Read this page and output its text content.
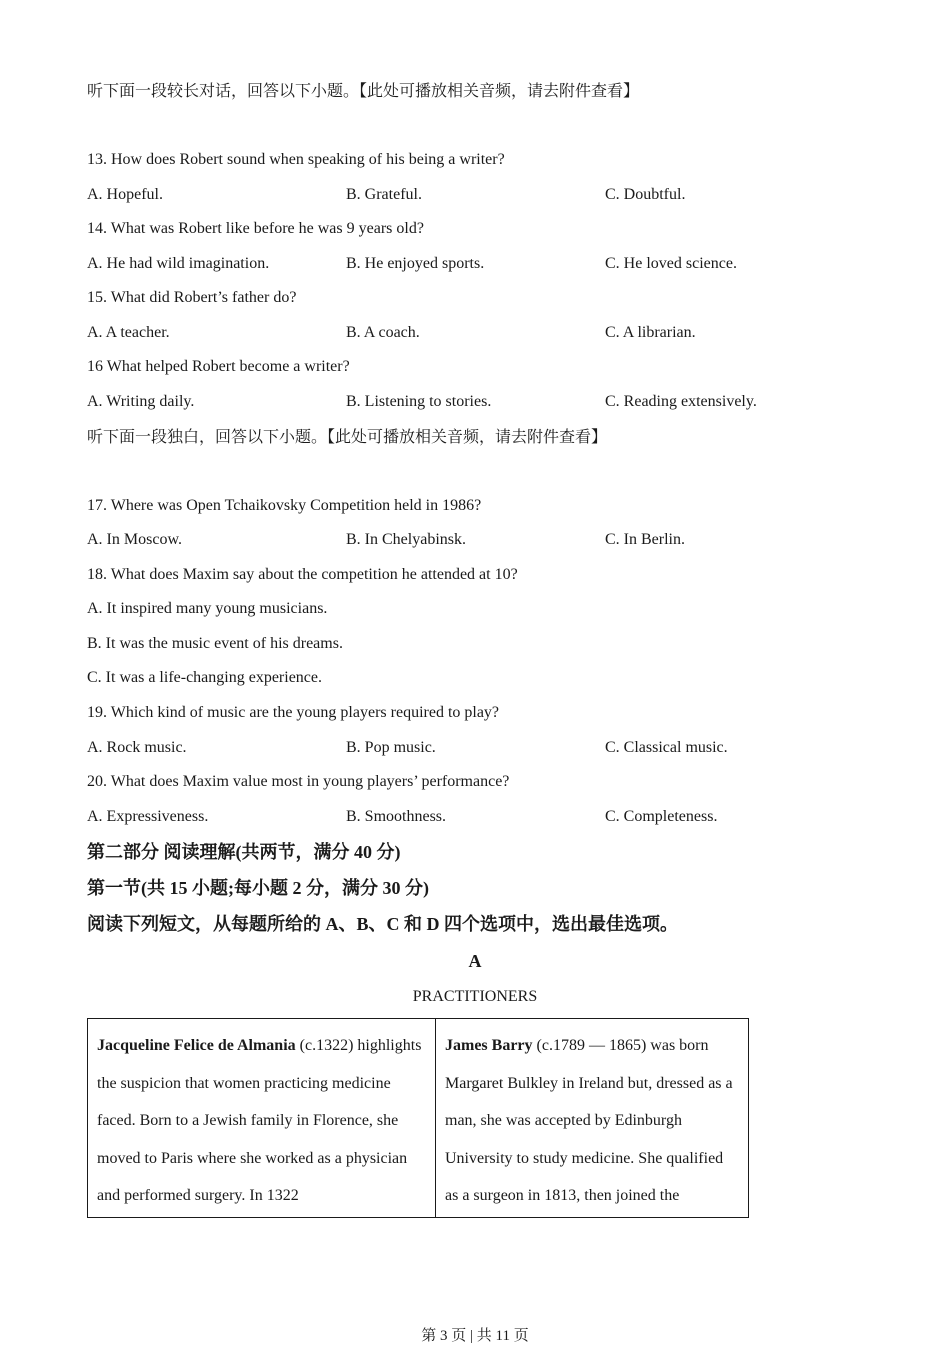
听下面一段较长对话，回答以下小题。【此处可播放相关音频，请去附件查看】
13. How does Robert sound when speaking of his being a writer?
A. Hopeful.	B. Grateful.	C. Doubtful.
14. What was Robert like before he was 9 years old?
A. He had wild imagination.	B. He enjoyed sports.	C. He loved science.
15. What did Robert’s father do?
A. A teacher.	B. A coach.	C. A librarian.
16 What helped Robert become a writer?
A. Writing daily.	B. Listening to stories.	C. Reading extensively.
听下面一段独白，回答以下小题。【此处可播放相关音频，请去附件查看】
17. Where was Open Tchaikovsky Competition held in 1986?
A. In Moscow.	B. In Chelyabinsk.	C. In Berlin.
18. What does Maxim say about the competition he attended at 10?
A. It inspired many young musicians.
B. It was the music event of his dreams.
C. It was a life-changing experience.
19. Which kind of music are the young players required to play?
A. Rock music.	B. Pop music.	C. Classical music.
20. What does Maxim value most in young players’ performance?
A. Expressiveness.	B. Smoothness.	C. Completeness.
第二部分 阅读理解(共两节，满分 40 分)
第一节(共 15 小题;每小题 2 分，满分 30 分)
阅读下列短文，从每题所给的 A、B、C 和 D 四个选项中，选出最佳选项。
A
PRACTITIONERS
Jacqueline Felice de Almania (c.1322) highlights the suspicion that women practicing medicine faced. Born to a Jewish family in Florence, she moved to Paris where she worked as a physician and performed surgery. In 1322	James Barry (c.1789 — 1865) was born Margaret Bulkley in Ireland but, dressed as a man, she was accepted by Edinburgh University to study medicine. She qualified as a surgeon in 1813, then joined the
第 3 页 | 共 11 页
